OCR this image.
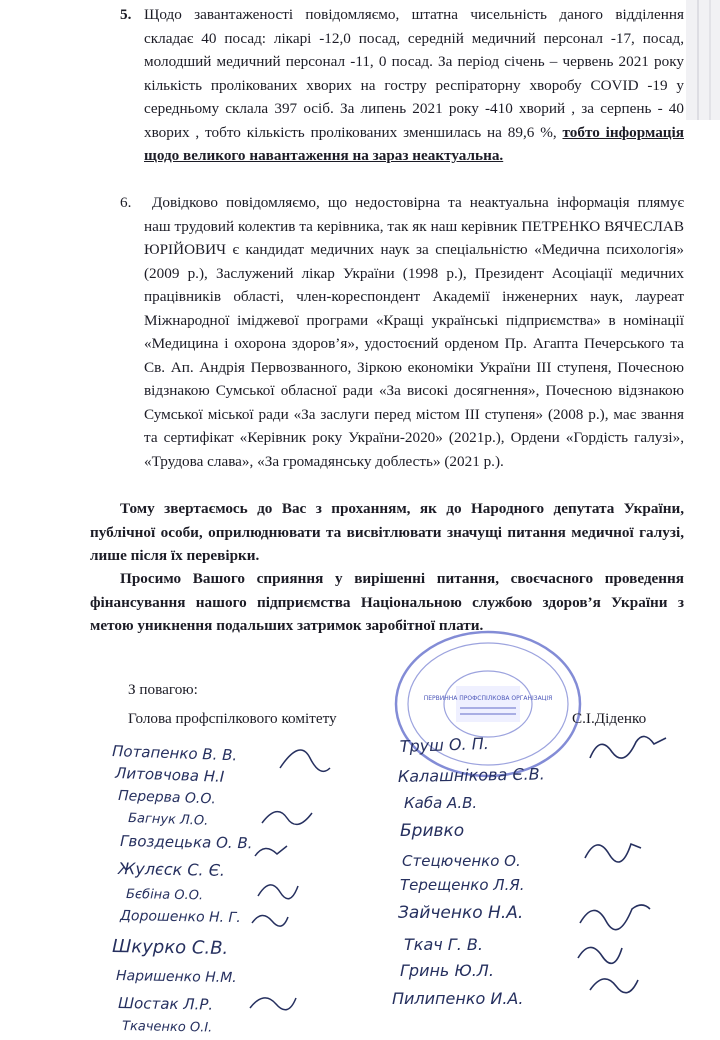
5. Щодо завантаженості повідомляємо, штатна чисельність даного відділення складає 40 посад: лікарі -12,0 посад, середній медичний персонал -17, посад, молодший медичний персонал -11, 0 посад. За період січень – червень 2021 року кількість пролікованих хворих на гостру респіраторну хворобу COVID -19 у середньому склала 397 осіб. За липень 2021 року -410 хворий , за серпень - 40 хворих , тобто кількість пролікованих зменшилась на 89,6 %, тобто інформація щодо великого навантаження на зараз неактуальна.

6.	Довідково повідомляємо, що недостовірна та неактуальна інформація плямує наш трудовий колектив та керівника, так як наш керівник ПЕТРЕНКО ВЯЧЕСЛАВ ЮРІЙОВИЧ є кандидат медичних наук за спеціальністю «Медична психологія» (2009 р.), Заслужений лікар України (1998 р.), Президент Асоціації медичних працівників області, член-кореспондент Академії інженерних наук, лауреат Міжнародної іміджевої програми «Кращі українські підприємства» в номінації «Медицина і охорона здоров’я», удостоєний орденом Пр. Агапта Печерського та Св. Ап. Андрія Первозванного, Зіркою економіки України ІІІ ступеня, Почесною відзнакою Сумської обласної ради «За високі досягнення», Почесною відзнакою Сумської міської ради «За заслуги перед містом ІІІ ступеня» (2008 р.), має звання та сертифікат «Керівник року України-2020» (2021р.), Ордени «Гордість галузі», «Трудова слава», «За громадянську доблесть» (2021 р.).

Тому звертаємось до Вас з проханням, як до Народного депутата України, публічної особи, оприлюднювати та висвітлювати значущі питання медичної галузі, лише після їх перевірки.

Просимо Вашого сприяння у вирішенні питання, своєчасного проведення фінансування нашого підприємства Національною службою здоров’я України з метою уникнення подальших затримок заробітної плати.

ПЕРВИННА ПРОФСПІЛКОВА ОРГАНІЗАЦІЯ
З повагою:
Голова профспілкового комітету	С.І.Діденко
Потапенко В. В.
Литовчова Н.І
Перерва О.О.
Багнук Л.О.
Гвоздецька О. В.
Жулєск С. Є.
Бєбіна О.О.
Дорошенко Н. Г.
Шкурко С.В.
Наришенко Н.М.
Шостак Л.Р.
Ткаченко О.І.
Труш О. П.
Калашнікова Є.В.
Каба А.В.
Бривко
Стецюченко О.
Терещенко Л.Я.
Зайченко Н.А.
Ткач Г. В.
Гринь Ю.Л.
Пилипенко И.А.
